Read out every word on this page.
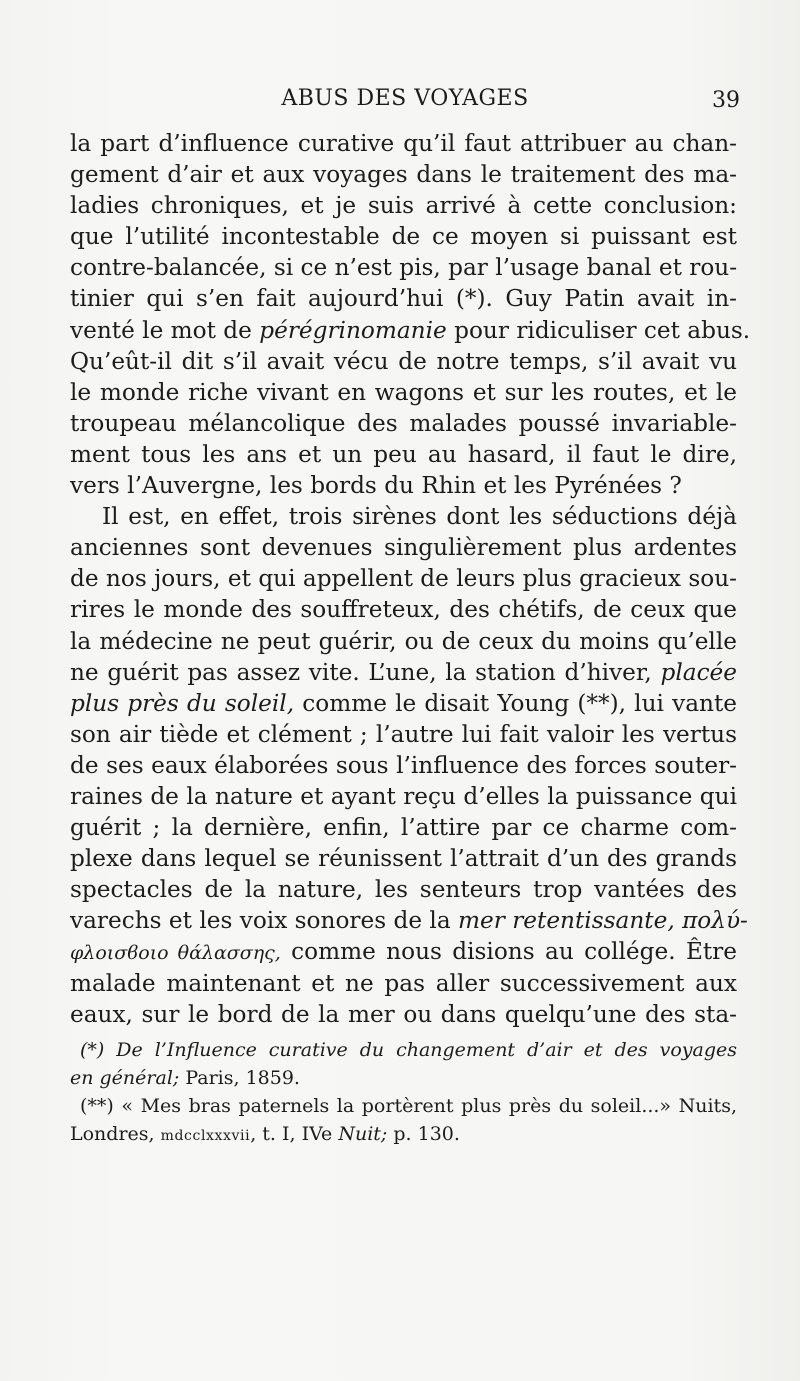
ABUS DES VOYAGES	39
la part d’influence curative qu’il faut attribuer au chan-
gement d’air et aux voyages dans le traitement des ma-
ladies chroniques, et je suis arrivé à cette conclusion:
que l’utilité incontestable de ce moyen si puissant est
contre-balancée, si ce n’est pis, par l’usage banal et rou-
tinier qui s’en fait aujourd’hui (*). Guy Patin avait in-
venté le mot de pérégrinomanie pour ridiculiser cet abus.
Qu’eût-il dit s’il avait vécu de notre temps, s’il avait vu
le monde riche vivant en wagons et sur les routes, et le
troupeau mélancolique des malades poussé invariable-
ment tous les ans et un peu au hasard, il faut le dire,
vers l’Auvergne, les bords du Rhin et les Pyrénées ?
Il est, en effet, trois sirènes dont les séductions déjà
anciennes sont devenues singulièrement plus ardentes
de nos jours, et qui appellent de leurs plus gracieux sou-
rires le monde des souffreteux, des chétifs, de ceux que
la médecine ne peut guérir, ou de ceux du moins qu’elle
ne guérit pas assez vite. L’une, la station d’hiver, placée
plus près du soleil, comme le disait Young (**), lui vante
son air tiède et clément ; l’autre lui fait valoir les vertus
de ses eaux élaborées sous l’influence des forces souter-
raines de la nature et ayant reçu d’elles la puissance qui
guérit ; la dernière, enfin, l’attire par ce charme com-
plexe dans lequel se réunissent l’attrait d’un des grands
spectacles de la nature, les senteurs trop vantées des
varechs et les voix sonores de la mer retentissante, πολύ-
φλοισϐοιο θάλασσης, comme nous disions au collége. Être
malade maintenant et ne pas aller successivement aux
eaux, sur le bord de la mer ou dans quelqu’une des sta-
(*) De l’Influence curative du changement d’air et des voyages
en général; Paris, 1859.
(**) « Mes bras paternels la portèrent plus près du soleil...» Nuits,
Londres, mdcclxxxvii, t. I, IVe Nuit; p. 130.
